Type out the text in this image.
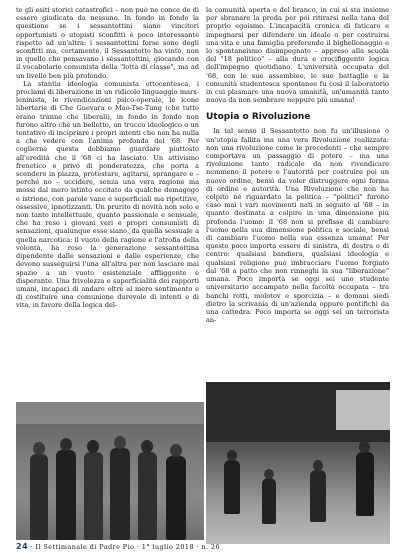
te gli esiti storici catastrofici – non può ne conce de di essere giudicata da nessuno. In fondo in fondo la questione se i sessantottini siano vincitori opportunisti o utopisti sconfitti è poco interessante rispetto ad un'altra: i sessantottini forse sono degli sconfitti ma, certamente, il Sessantotto ha vinto, non in quello che pensavano i sessantottini, giocando con il vocabolario comunista della "lotta di classe", ma ad un livello ben più profondo.

La stantia ideologia comunista ottocentesca, i proclami di liberazione in un ridicolo linguaggio marx-leninista, le rivendicazioni psico-operaie, le icone libertarie di Che Guevara o Mao-Tse-Tung (che tutto erano tranne che liberali), in fondo in fondo non furono altro che un belletto, un trucco ideologico o un tentativo di incipriare i propri intenti che non ha nulla a che vedere con l'anima profonda del '68. Per coglierne questa dobbiamo guardare piuttosto all'eredità che il '68 ci ha lasciato. Un attivismo frenetico e privo di ponderatezza, che porta a scendere in piazza, protestare, agitarsi, sprangare e – perché no – uccidere, senza una vera ragione ma mossi dal mero istinto eccitato da qualche demagogo e istrione, con parole vane e superficiali ma ripetitive, ossessive, ipnotizzanti. Un prurito di novità non solo e non tanto intellettuale, quanto passionale e sensuale, che ha reso i giovani veri e propri consumisti di sensazioni, qualunque esse siano, da quella sessuale a quella narcotica: il vuoto della ragione e l'atrofia della volontà, ha reso la generazione sessantottina dipendente dalle sensazioni e dalle esperienze, che devono susseguirsi l'una all'altra per non lasciare mai spazio a un vuoto esistenziale affliggente e disperante. Una frivolezza e superficialità dei rapporti umani, incapaci di andare oltre al mero sentimento e di costituire una comunione durevole di intenti e di vita, in favore della logica del-

la comunità aperta e del branco, in cui si sta insieme per sbranare la preda per poi ritirarsi nella tana del proprio egoismo. L'incapacità cronica di faticare e impegnarsi per difendere un ideale o per costruirsi una vita e una famiglia preferendo il bighellonaggio e lo spontaneismo disimpegnato – appreso alla scuola del "18 politico" – alla dura e crocifiggente logica dell'impegno quotidiano. L'università occupata del '68, con le sue assemblee, le sue battaglie e la comunità studentesca spontanee fu così il laboratorio in cui plasmare una nuova umanità, un'umanità tanto nuova da non sembrare neppure più umana!

Utopia o Rivoluzione

In tal senso il Sessantotto non fu un'illusione o un'utopia fallita ma una vera Rivoluzione realizzata: non una rivoluzione come le precedenti – che sempre comportava un passaggio di potere – ma una rivoluzione tanto radicale da non rivendicare nemmeno il potere e l'autorità per costruire poi un nuovo ordine, bensì da voler distruggere ogni forma di ordine e autorità. Una Rivoluzione che non ha colpito né riguardato la politica – "politici" furono caso mai i vari movimenti nati in seguito al '68 – in quanto destinata a colpire in una dimensione più profonda l'uomo: il '68 non si prefisse di cambiare l'uomo nella sua dimensione politica e sociale, bensì di cambiare l'uomo nella sua essenza umana! Per questo poco importa essere di sinistra, di destra o di centro: qualsiasi bandiera, qualsiasi ideologia e qualsiasi religione può imbracciare l'uomo forgiato dal '68 a patto che non rinneghi la sua "liberazione" umana. Poco importa se oggi sei uno studente universitario accampato nella facoltà occupata – tra banchi rotti, molotov e sporcizia – e domani siedi dietro la scrivania di un'azienda oppure pontifichi da una cattedra. Poco importa se oggi sei un terrorista an-

24 · Il Settimanale di Padre Pio · 1° luglio 2018 · n. 26
